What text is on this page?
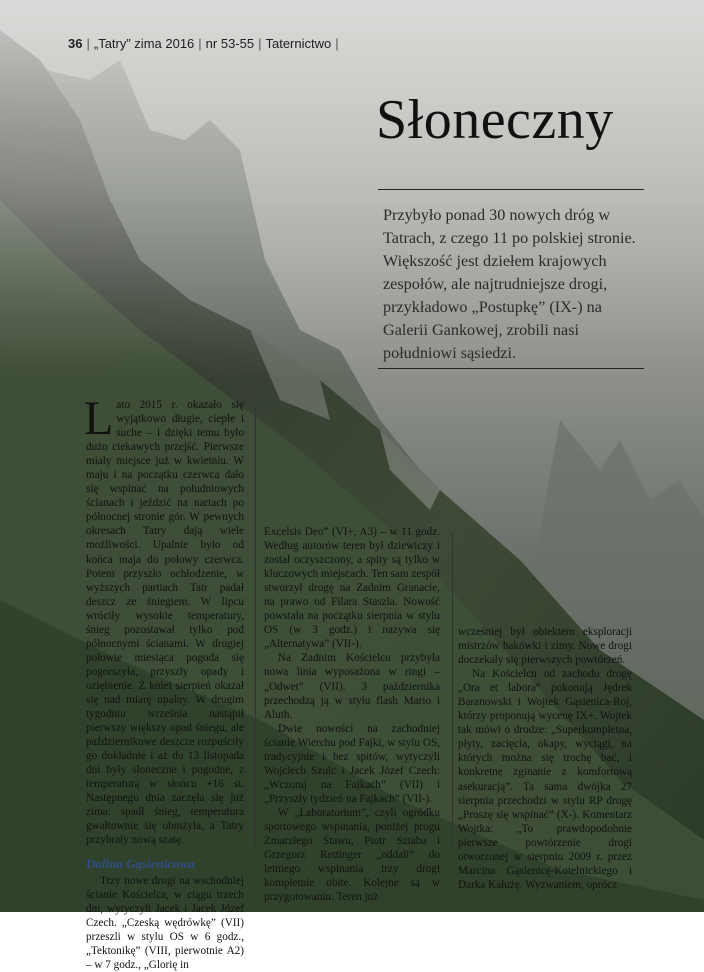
36 | „Tatry” zima 2016 | nr 53-55 | Taternictwo |
Słoneczny

Przybyło ponad 30 nowych dróg w Tatrach, z czego 11 po polskiej stronie. Większość jest dziełem krajowych zespołów, ale najtrudniejsze drogi, przykładowo „Postupkę” (IX-) na Galerii Gankowej, zrobili nasi południowi sąsiedzi.

Lato 2015 r. okazało się wyjątkowo długie, ciepłe i suche – i dzięki temu było dużo ciekawych przejść. Pierwsze miały miejsce już w kwietniu. W maju i na początku czerwca dało się wspinać na południowych ścianach i jeździć na nartach po północnej stronie gór. W pewnych okresach Tatry dają wiele możliwości. Upalnie było od końca maja do połowy czerwca. Potem przyszło ochłodzenie, w wyższych partiach Tatr padał deszcz ze śniegiem. W lipcu wróciły wysokie temperatury, śnieg pozostawał tylko pod północnymi ścianami. W drugiej połowie miesiąca pogoda się pogorszyła, przyszły opady i oziębienie. Z kolei sierpień okazał się nad miarę upalny. W drugim tygodniu września nastąpił pierwszy większy opad śniegu, ale październikowe deszcze rozpuściły go dokładnie i aż do 13 listopada dni były słoneczne i pogodne, z temperaturą w słońcu +16 st. Następnego dnia zaczęła się już zima: spadł śnieg, temperatura gwałtownie się obniżyła, a Tatry przybrały nową szatę.

Dolina Gąsienicowa

Trzy nowe drogi na wschodniej ścianie Kościelca, w ciągu trzech dni, wytyczyli Jacek i Jacek Józef Czech. „Czeską wędrówkę” (VII) przeszli w stylu OS w 6 godz., „Tektonikę” (VIII, pierwotnie A2) – w 7 godz., „Glorię in

Excelsis Deo” (VI+, A3) – w 11 godz. Według autorów teren był dziewiczy i został oczyszczony, a spity są tylko w kluczowych miejscach. Ten sam zespół stworzył drogę na Zadnim Granacie, na prawo od Filara Staszla. Nowość powstała na początku sierpnia w stylu OS (w 3 godz.) i nazywa się „Alternatywa” (VII-).

Na Zadnim Kościelcu przybyła nowa linia wyposażona w ringi – „Odwet” (VII). 3 października przechodzą ją w stylu flash Mario i Aluth.

Dwie nowości na zachodniej ścianie Wierchu pod Fajki, w stylu OS, tradycyjnie i bez spitów, wytyczyli Wojciech Szulc i Jacek Józef Czech: „Wczoraj na Fajkach” (VII) i „Przyszły tydzień na Fajkach” (VII-).

W „Laboratorium”, czyli ogródku sportowego wspinania, poniżej progu Zmarzłego Stawu, Piotr Sztaba i Grzegorz Rettinger „oddali” do letniego wspinania trzy drogi kompletnie obite. Kolejne są w przygotowaniu. Teren już

wcześniej był obiektem eksploracji mistrzów hakówki i zimy. Nowe drogi doczekały się pierwszych powtórzeń.

Na Kościelcu od zachodu drogę „Ora et labora” pokonują Jędrek Baranowski i Wojtek Gąsienica-Roj, którzy proponują wycenę IX+. Wojtek tak mówi o drodze: „Superkompletna, płyty, zacięcia, okapy, wyciągi, na których można się trochę bać, i konkretne zginanie z komfortową asekuracją”. Ta sama dwójka 27 sierpnia przechodzi w stylu RP drogę „Proszę się wspinać” (X-). Komentarz Wojtka: „To prawdopodobnie pierwsze powtórzenie drogi otworzonej w sierpniu 2009 r. przez Marcina Gąsienicę-Kotelnickiego i Darka Kałużę. Wyzwaniem, oprócz
